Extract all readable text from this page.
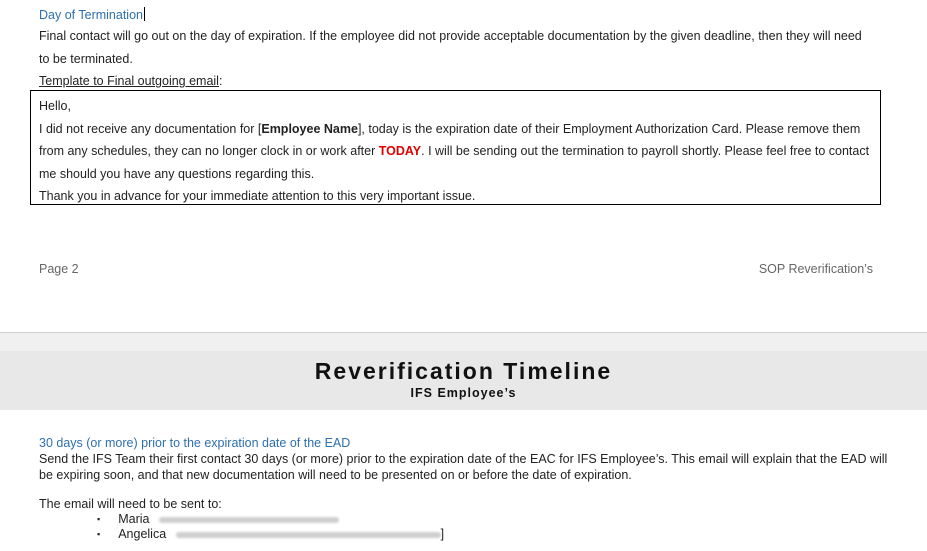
Day of Termination
Final contact will go out on the day of expiration. If the employee did not provide acceptable documentation by the given deadline, then they will need to be terminated.
Template to Final outgoing email:

Hello,

I did not receive any documentation for [Employee Name], today is the expiration date of their Employment Authorization Card. Please remove them from any schedules, they can no longer clock in or work after TODAY. I will be sending out the termination to payroll shortly. Please feel free to contact me should you have any questions regarding this.

Thank you in advance for your immediate attention to this very important issue.

Page 2	SOP Reverification’s
Reverification Timeline
IFS Employee’s
30 days (or more) prior to the expiration date of the EAD
Send the IFS Team their first contact 30 days (or more) prior to the expiration date of the EAC for IFS Employee’s. This email will explain that the EAD will be expiring soon, and that new documentation will need to be presented on or before the date of expiration.
The email will need to be sent to:
▪ Maria
▪ Angelica	]
